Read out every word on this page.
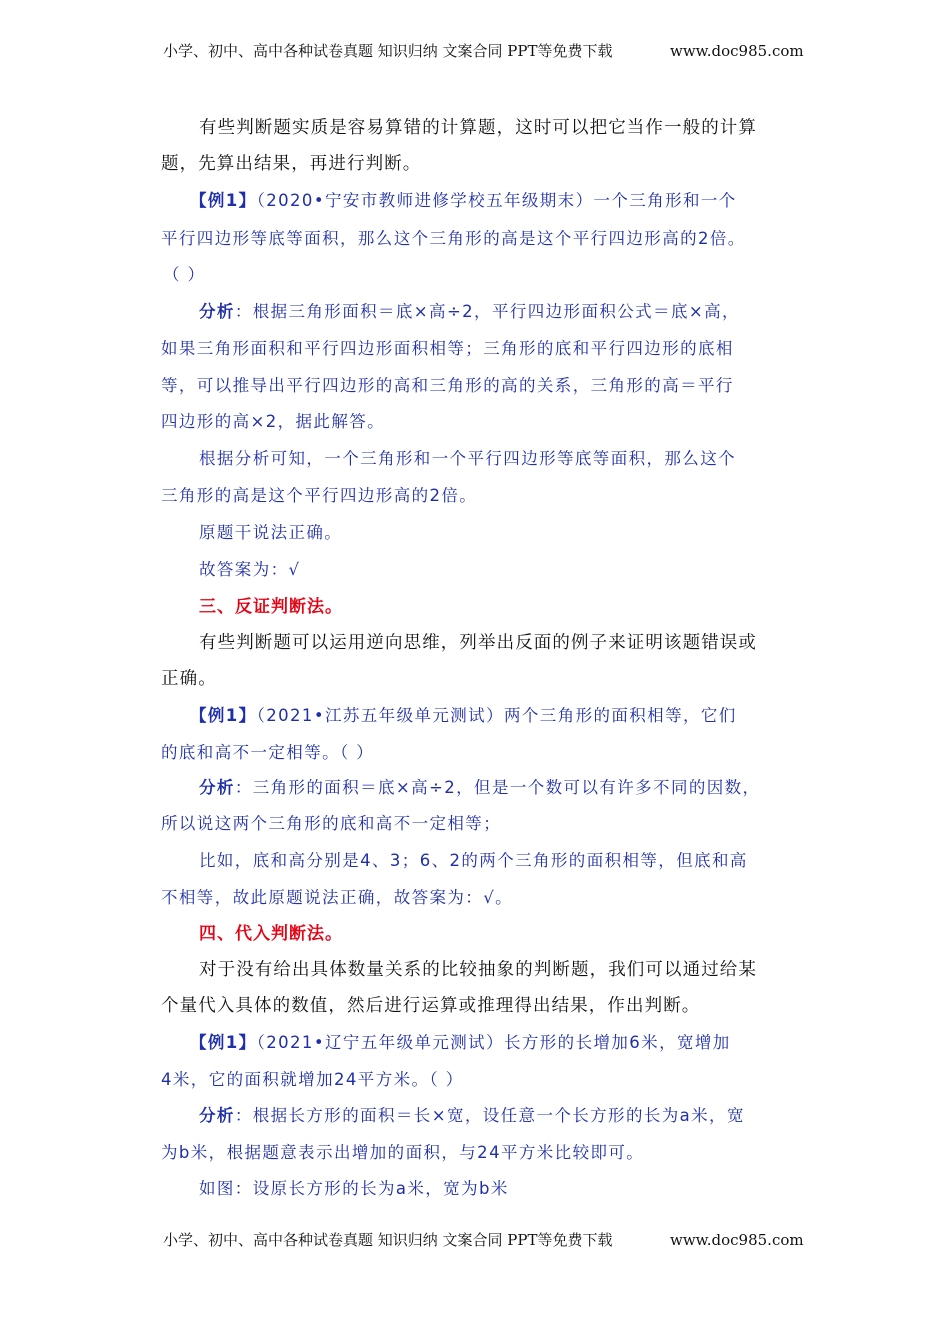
小学、初中、高中各种试卷真题 知识归纳 文案合同 PPT等免费下载	www.doc985.com
有些判断题实质是容易算错的计算题，这时可以把它当作一般的计算
题，先算出结果，再进行判断。
【例1】（2020•宁安市教师进修学校五年级期末）一个三角形和一个
平行四边形等底等面积，那么这个三角形的高是这个平行四边形高的2倍。
（ ）
分析：根据三角形面积＝底×高÷2，平行四边形面积公式＝底×高，
如果三角形面积和平行四边形面积相等；三角形的底和平行四边形的底相
等，可以推导出平行四边形的高和三角形的高的关系，三角形的高＝平行
四边形的高×2，据此解答。
根据分析可知，一个三角形和一个平行四边形等底等面积，那么这个
三角形的高是这个平行四边形高的2倍。
原题干说法正确。
故答案为：√
三、反证判断法。
有些判断题可以运用逆向思维，列举出反面的例子来证明该题错误或
正确。
【例1】（2021•江苏五年级单元测试）两个三角形的面积相等，它们
的底和高不一定相等。（ ）
分析：三角形的面积＝底×高÷2，但是一个数可以有许多不同的因数，
所以说这两个三角形的底和高不一定相等；
比如，底和高分别是4、3；6、2的两个三角形的面积相等，但底和高
不相等，故此原题说法正确，故答案为：√。
四、代入判断法。
对于没有给出具体数量关系的比较抽象的判断题，我们可以通过给某
个量代入具体的数值，然后进行运算或推理得出结果，作出判断。
【例1】（2021•辽宁五年级单元测试）长方形的长增加6米，宽增加
4米，它的面积就增加24平方米。（ ）
分析：根据长方形的面积＝长×宽，设任意一个长方形的长为a米，宽
为b米，根据题意表示出增加的面积，与24平方米比较即可。
如图：设原长方形的长为a米，宽为b米
小学、初中、高中各种试卷真题 知识归纳 文案合同 PPT等免费下载	www.doc985.com
